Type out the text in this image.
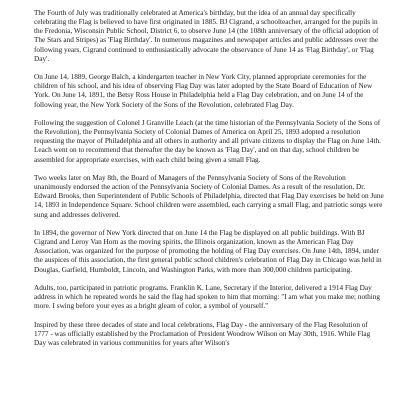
The Fourth of July was traditionally celebrated at America's birthday, but the idea of an annual day specifically celebrating the Flag is believed to have first originated in 1885. BJ Cigrand, a schoolteacher, arranged for the pupils in the Fredonia, Wisconsin Public School, District 6, to observe June 14 (the 108th anniversary of the official adoption of The Stars and Stripes) as 'Flag Birthday'. In numerous magazines and newspaper articles and public addresses over the following years, Cigrand continued to enthusiastically advocate the observance of June 14 as 'Flag Birthday', or 'Flag Day'.

On June 14, 1889, George Balch, a kindergarten teacher in New York City, planned appropriate ceremonies for the children of his school, and his idea of observing Flag Day was later adopted by the State Board of Education of New York. On June 14, 1891, the Betsy Ross House in Philadelphia held a Flag Day celebration, and on June 14 of the following year, the New York Society of the Sons of the Revolution, celebrated Flag Day.

Following the suggestion of Colonel J Granville Leach (at the time historian of the Pennsylvania Society of the Sons of the Revolution), the Pennsylvania Society of Colonial Dames of America on April 25, 1893 adopted a resolution requesting the mayor of Philadelphia and all others in authority and all private citizens to display the Flag on June 14th. Leach went on to recommend that thereafter the day be known as 'Flag Day', and on that day, school children be assembled for appropriate exercises, with each child being given a small Flag.

Two weeks later on May 8th, the Board of Managers of the Pennsylvania Society of Sons of the Revolution unanimously endorsed the action of the Pennsylvania Society of Colonial Dames. As a result of the resolution, Dr. Edward Brooks, then Superintendent of Public Schools of Philadelphia, directed that Flag Day exercises be held on June 14, 1893 in Independence Square. School children were assembled, each carrying a small Flag, and patriotic songs were sung and addresses delivered.

In 1894, the governor of New York directed that on June 14 the Flag be displayed on all public buildings. With BJ Cigrand and Leroy Van Horn as the moving spirits, the Illinois organization, known as the American Flag Day Association, was organized for the purpose of promoting the holding of Flag Day exercises. On June 14th, 1894, under the auspices of this association, the first general public school children's celebration of Flag Day in Chicago was held in Douglas, Garfield, Humboldt, Lincoln, and Washington Parks, with more than 300,000 children participating.

Adults, too, participated in patriotic programs. Franklin K. Lane, Secretary if the Interior, delivered a 1914 Flag Day address in which he repeated words he said the flag had spoken to him that morning: "I am what you make me; nothing more. I swing before your eyes as a bright gleam of color, a symbol of yourself."

Inspired by these three decades of state and local celebrations, Flag Day - the anniversary of the Flag Resolution of 1777 - was officially established by the Proclamation of President Woodrow Wilson on May 30th, 1916. While Flag Day was celebrated in various communities for years after Wilson's
